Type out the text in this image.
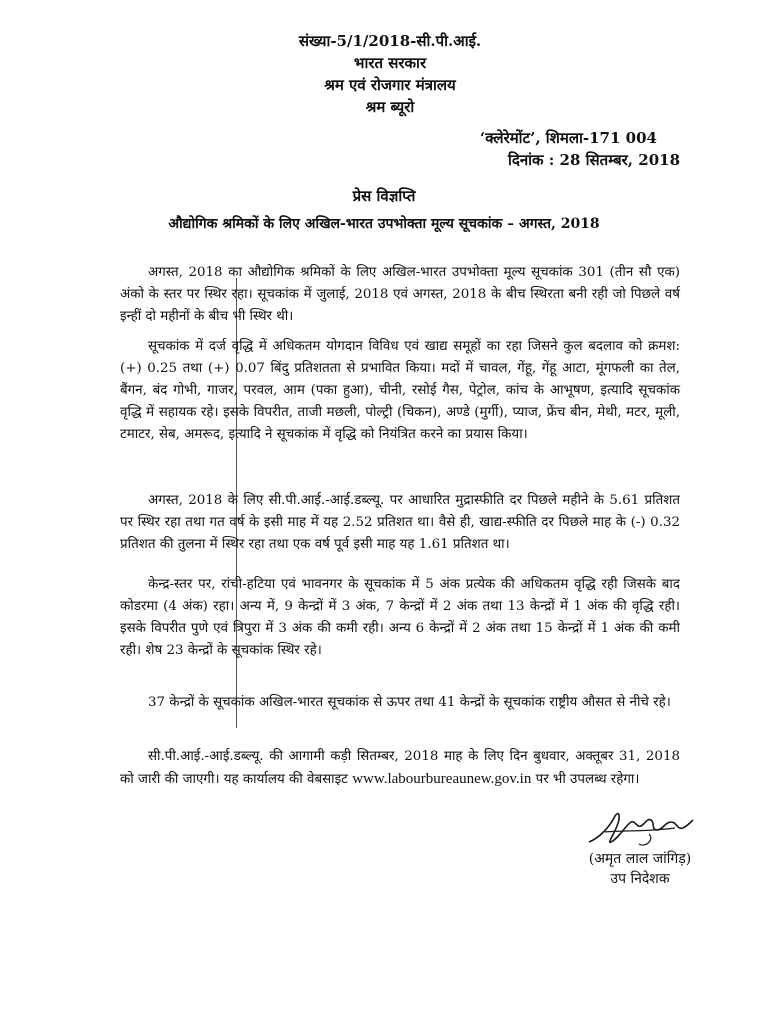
संख्या-5/1/2018-सी.पी.आई.
भारत सरकार
श्रम एवं रोजगार मंत्रालय
श्रम ब्यूरो
‘क्लेरेमोंट’, शिमला-171 004
दिनांक : 28 सितम्बर, 2018
प्रेस विज्ञप्ति
औद्योगिक श्रमिकों के लिए अखिल-भारत उपभोक्ता मूल्य सूचकांक – अगस्त, 2018

अगस्त, 2018 का औद्योगिक श्रमिकों के लिए अखिल-भारत उपभोक्ता मूल्य सूचकांक 301 (तीन सौ एक) अंको के स्तर पर स्थिर रहा। सूचकांक में जुलाई, 2018 एवं अगस्त, 2018 के बीच स्थिरता बनी रही जो पिछले वर्ष इन्हीं दो महीनों के बीच भी स्थिर थी।

सूचकांक में दर्ज वृद्धि में अधिकतम योगदान विविध एवं खाद्य समूहों का रहा जिसने कुल बदलाव को क्रमश: (+) 0.25 तथा (+) 0.07 बिंदु प्रतिशतता से प्रभावित किया। मदों में चावल, गेंहू, गेंहू आटा, मूंगफली का तेल, बैंगन, बंद गोभी, गाजर, परवल, आम (पका हुआ), चीनी, रसोई गैस, पेट्रोल, कांच के आभूषण, इत्यादि सूचकांक वृद्धि में सहायक रहे। इसके विपरीत, ताजी मछली, पोल्ट्री (चिकन), अण्डे (मुर्गी), प्याज, फ्रेंच बीन, मेथी, मटर, मूली, टमाटर, सेब, अमरूद, इत्यादि ने सूचकांक में वृद्धि को नियंत्रित करने का प्रयास किया।

अगस्त, 2018 के लिए सी.पी.आई.-आई.डब्ल्यू. पर आधारित मुद्रास्फीति दर पिछले महीने के 5.61 प्रतिशत पर स्थिर रहा तथा गत वर्ष के इसी माह में यह 2.52 प्रतिशत था। वैसे ही, खाद्य-स्फीति दर पिछले माह के (-) 0.32 प्रतिशत की तुलना में स्थिर रहा तथा एक वर्ष पूर्व इसी माह यह 1.61 प्रतिशत था।

केन्द्र-स्तर पर, रांची-हटिया एवं भावनगर के सूचकांक में 5 अंक प्रत्येक की अधिकतम वृद्धि रही जिसके बाद कोडरमा (4 अंक) रहा। अन्य में, 9 केन्द्रों में 3 अंक, 7 केन्द्रों में 2 अंक तथा 13 केन्द्रों में 1 अंक की वृद्धि रही। इसके विपरीत पुणे एवं त्रिपुरा में 3 अंक की कमी रही। अन्य 6 केन्द्रों में 2 अंक तथा 15 केन्द्रों में 1 अंक की कमी रही। शेष 23 केन्द्रों के सूचकांक स्थिर रहे।

37 केन्द्रों के सूचकांक अखिल-भारत सूचकांक से ऊपर तथा 41 केन्द्रों के सूचकांक राष्ट्रीय औसत से नीचे रहे।

सी.पी.आई.-आई.डब्ल्यू. की आगामी कड़ी सितम्बर, 2018 माह के लिए दिन बुधवार, अक्तूबर 31, 2018 को जारी की जाएगी। यह कार्यालय की वेबसाइट www.labourbureaunew.gov.in पर भी उपलब्ध रहेगा।

(अमृत लाल जांगिड़)
उप निदेशक
